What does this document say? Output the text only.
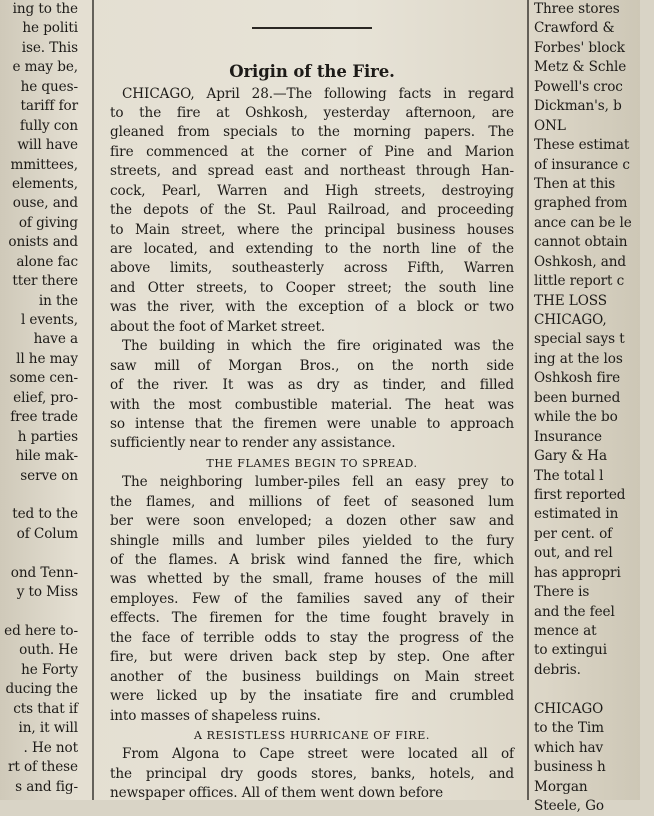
ing to the
he politi
ise. This
e may be,
he ques-
tariff for
fully con
will have
mmittees,
elements,
ouse, and
of giving
onists and
alone fac
tter there
in the
l events,
have a
ll he may
some cen-
elief, pro-
free trade
h parties
hile mak-
serve on
ted to the
of Colum
ond Tenn-
y to Miss
ed here to-
outh. He
he Forty
ducing the
cts that if
in, it will
. He not
rt of these
s and fig-
Origin of the Fire.
CHICAGO, April 28.—The following facts in regard
to the fire at Oshkosh, yesterday afternoon, are
gleaned from specials to the morning papers. The
fire commenced at the corner of Pine and Marion
streets, and spread east and northeast through Han-
cock, Pearl, Warren and High streets, destroying
the depots of the St. Paul Railroad, and proceeding
to Main street, where the principal business houses
are located, and extending to the north line of the
above limits, southeasterly across Fifth, Warren
and Otter streets, to Cooper street; the south line
was the river, with the exception of a block or two
about the foot of Market street.
The building in which the fire originated was the
saw mill of Morgan Bros., on the north side
of the river. It was as dry as tinder, and filled
with the most combustible material. The heat was
so intense that the firemen were unable to approach
sufficiently near to render any assistance.
THE FLAMES BEGIN TO SPREAD.
The neighboring lumber-piles fell an easy prey to
the flames, and millions of feet of seasoned lum
ber were soon enveloped; a dozen other saw and
shingle mills and lumber piles yielded to the fury
of the flames. A brisk wind fanned the fire, which
was whetted by the small, frame houses of the mill
employes. Few of the families saved any of their
effects. The firemen for the time fought bravely in
the face of terrible odds to stay the progress of the
fire, but were driven back step by step. One after
another of the business buildings on Main street
were licked up by the insatiate fire and crumbled
into masses of shapeless ruins.
A RESISTLESS HURRICANE OF FIRE.
From Algona to Cape street were located all of
the principal dry goods stores, banks, hotels, and
newspaper offices. All of them went down before
Three stores
Crawford &
Forbes' block
Metz & Schle
Powell's croc
Dickman's, b
ONL
These estimat
of insurance c
Then at this
graphed from
ance can be le
cannot obtain
Oshkosh, and
little report c
THE LOSS
CHICAGO,
special says t
ing at the los
Oshkosh fire
been burned
while the bo
Insurance
Gary & Ha
The total l
first reported
estimated in
per cent. of
out, and rel
has appropri
There is
and the feel
mence at
to extingui
debris.
CHICAGO
to the Tim
which hav
business h
Morgan
Steele, Go
